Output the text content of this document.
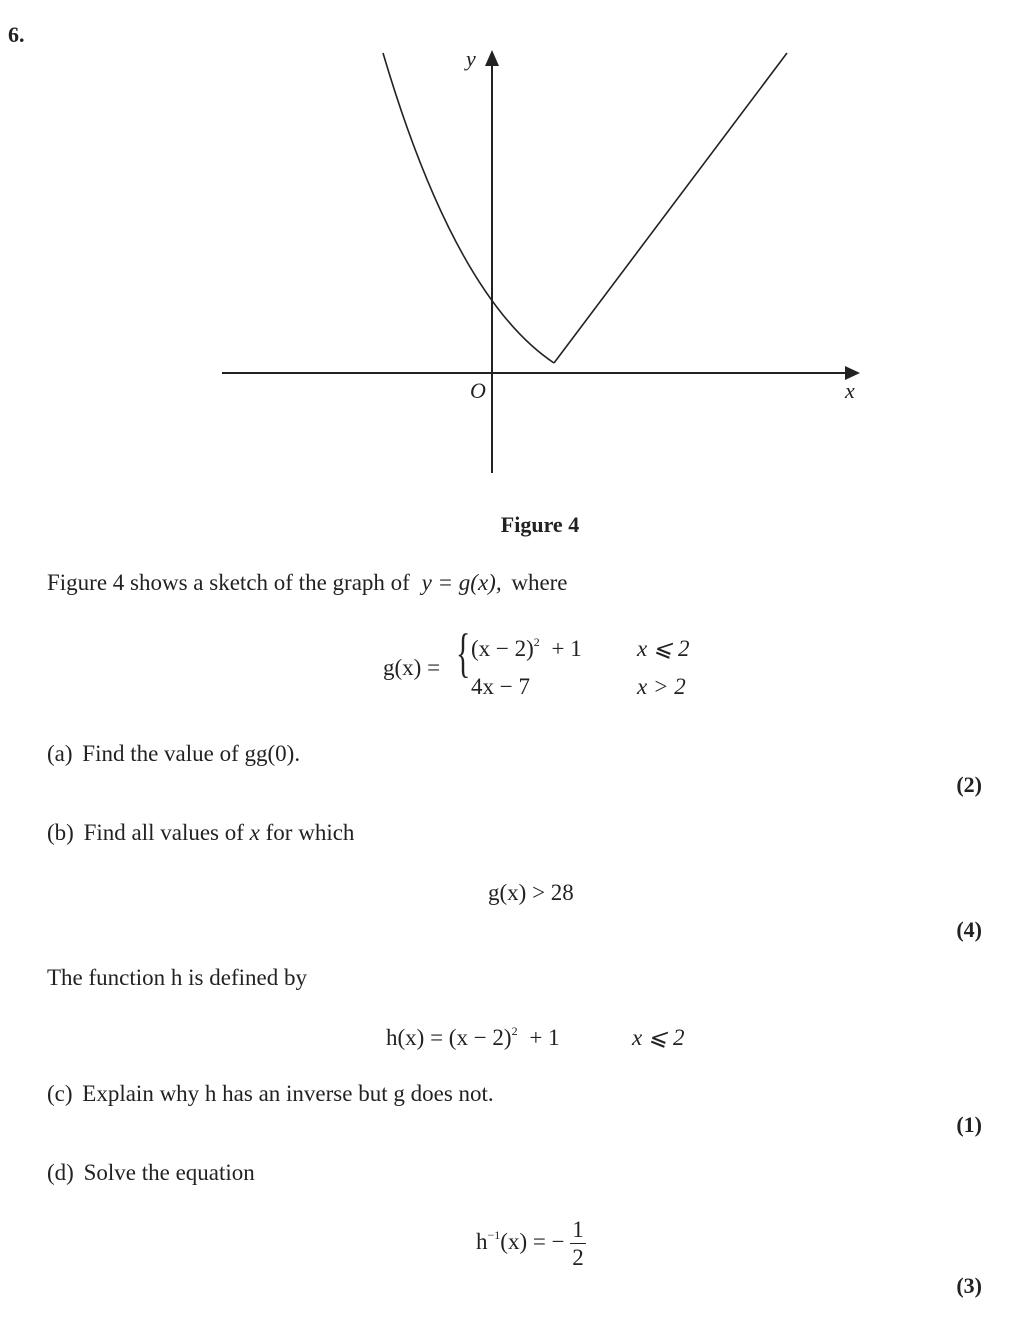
6.
y
x
O
Figure 4
Figure 4 shows a sketch of the graph of y = g(x), where
g(x) = { $(x - 2)^2 + 1$ x ⩽ 2
4x − 7	x > 2
(a) Find the value of gg(0).
(2)
(b) Find all values of x for which
g(x) > 28
(4)
The function h is defined by
$h(x) = (x - 2)^2 + 1$	x ⩽ 2
(c) Explain why h has an inverse but g does not.
(1)
(d) Solve the equation
$h^{-1}(x)$ = − $\frac{1}{2}$
(3)
